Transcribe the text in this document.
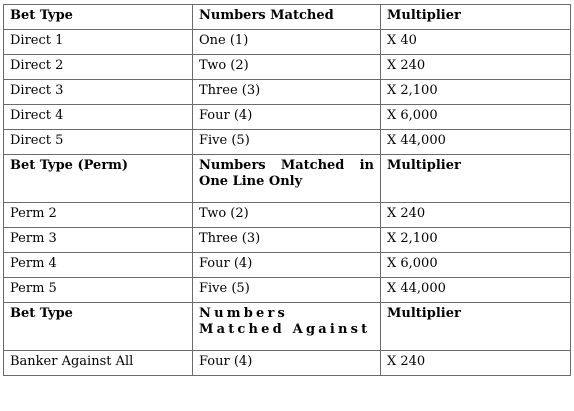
Bet Type	Numbers Matched	Multiplier
Direct 1	One (1)	X 40
Direct 2	Two (2)	X 240
Direct 3	Three (3)	X 2,100
Direct 4	Four (4)	X 6,000
Direct 5	Five (5)	X 44,000
Bet Type (Perm)	Numbers Matched in One Line Only	Multiplier
Perm 2	Two (2)	X 240
Perm 3	Three (3)	X 2,100
Perm 4	Four (4)	X 6,000
Perm 5	Five (5)	X 44,000
Bet Type	Numbers Matched Against	Multiplier
Banker Against All	Four (4)	X 240
